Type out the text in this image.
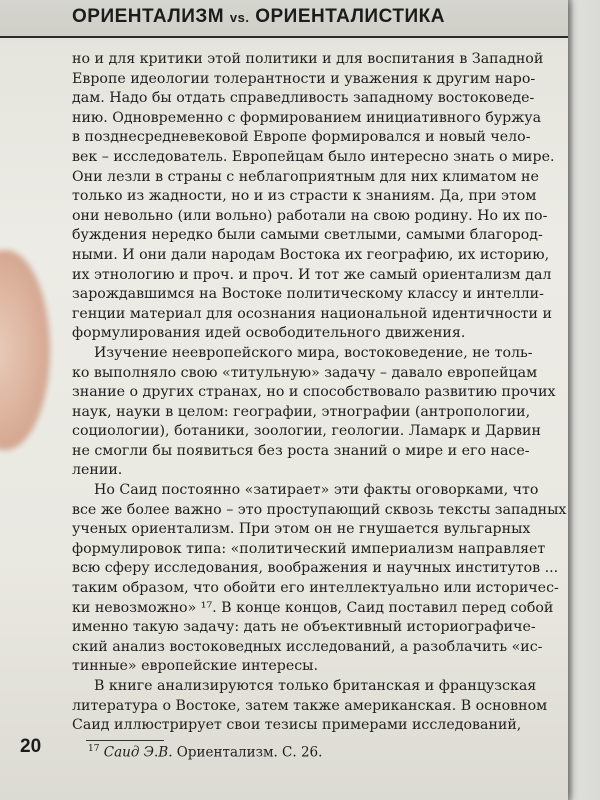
ОРИЕНТАЛИЗМ vs. ОРИЕНТАЛИСТИКА
но и для критики этой политики и для воспитания в Западной
Европе идеологии толерантности и уважения к другим наро-
дам. Надо бы отдать справедливость западному востоковеде-
нию. Одновременно с формированием инициативного буржуа
в позднесредневековой Европе формировался и новый чело-
век – исследователь. Европейцам было интересно знать о мире.
Они лезли в страны с неблагоприятным для них климатом не
только из жадности, но и из страсти к знаниям. Да, при этом
они невольно (или вольно) работали на свою родину. Но их по-
буждения нередко были самыми светлыми, самыми благород-
ными. И они дали народам Востока их географию, их историю,
их этнологию и проч. и проч. И тот же самый ориентализм дал
зарождавшимся на Востоке политическому классу и интелли-
генции материал для осознания национальной идентичности и
формулирования идей освободительного движения.
Изучение неевропейского мира, востоковедение, не толь-
ко выполняло свою «титульную» задачу – давало европейцам
знание о других странах, но и способствовало развитию прочих
наук, науки в целом: географии, этнографии (антропологии,
социологии), ботаники, зоологии, геологии. Ламарк и Дарвин
не смогли бы появиться без роста знаний о мире и его насе-
лении.
Но Саид постоянно «затирает» эти факты оговорками, что
все же более важно – это проступающий сквозь тексты западных
ученых ориентализм. При этом он не гнушается вульгарных
формулировок типа: «политический империализм направляет
всю сферу исследования, воображения и научных институтов ...
таким образом, что обойти его интеллектуально или историчес-
ки невозможно» ¹⁷. В конце концов, Саид поставил перед собой
именно такую задачу: дать не объективный историографиче-
ский анализ востоковедных исследований, а разоблачить «ис-
тинные» европейские интересы.
В книге анализируются только британская и французская
литература о Востоке, затем также американская. В основном
Саид иллюстрирует свои тезисы примерами исследований,
20	$^{17}$ Саид Э.В. Ориентализм. С. 26.
